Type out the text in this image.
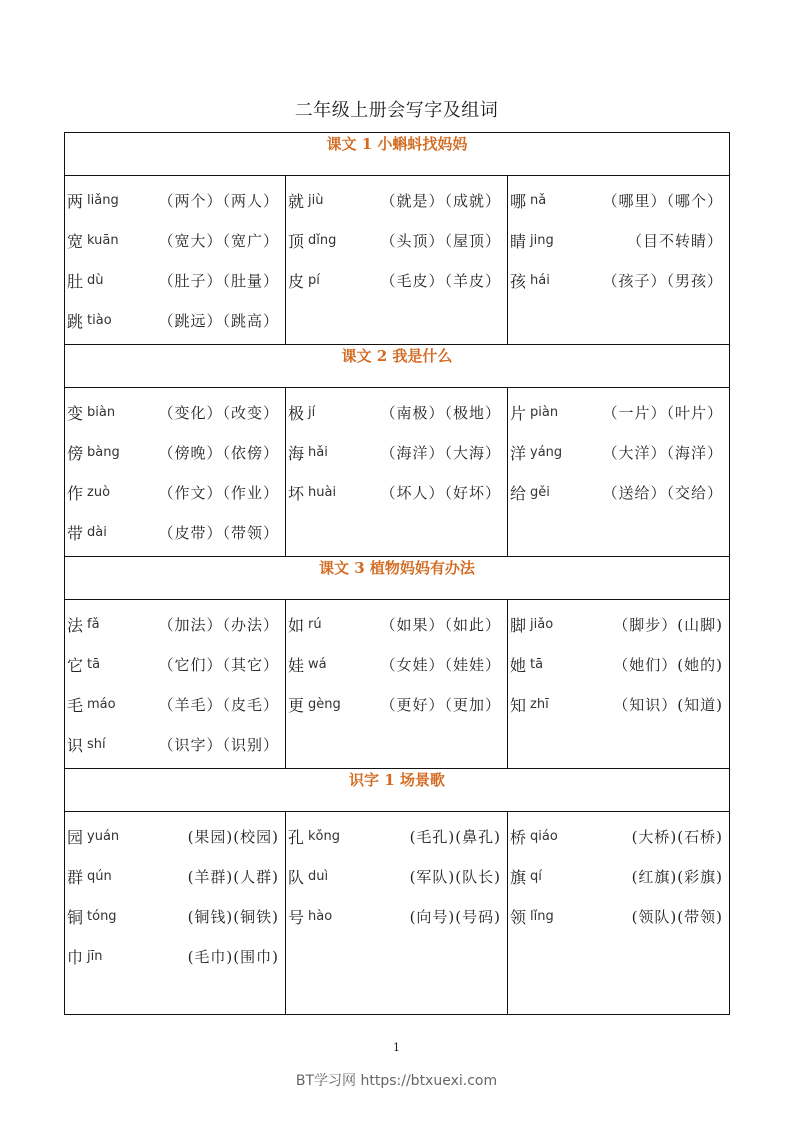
二年级上册会写字及组词
课文 1 小蝌蚪找妈妈		

两 liǎng	（两个）（两人）
宽 kuān	（宽大）（宽广）
肚 dù	（肚子）（肚量）
跳 tiào	（跳远）（跳高）

就 jiù	（就是）（成就）
顶 dǐng	（头顶）（屋顶）
皮 pí	（毛皮）（羊皮）

哪 nǎ	（哪里）（哪个）
睛 jing	（目不转睛）
孩 hái	（孩子）（男孩）

课文 2 我是什么		

变 biàn	（变化）（改变）
傍 bàng	（傍晚）（依傍）
作 zuò	（作文）（作业）
带 dài	（皮带）（带领）

极 jí	（南极）（极地）
海 hǎi	（海洋）（大海）
坏 huài	（坏人）（好坏）

片 piàn	（一片）（叶片）
洋 yáng	（大洋）（海洋）
给 gěi	（送给）（交给）

课文 3 植物妈妈有办法		

法 fǎ	（加法）（办法）
它 tā	（它们）（其它）
毛 máo	（羊毛）（皮毛）
识 shí	（识字）（识别）

如 rú	（如果）（如此）
娃 wá	（女娃）（娃娃）
更 gèng	（更好）（更加）

脚 jiǎo	（脚步）(山脚)
她 tā	（她们）(她的)
知 zhī	（知识）(知道)

识字 1 场景歌		

园 yuán	(果园)(校园)
群 qún	(羊群)(人群)
铜 tóng	(铜钱)(铜铁)
巾 jīn	(毛巾)(围巾)

孔 kǒng	(毛孔)(鼻孔)
队 duì	(军队)(队长)
号 hào	(向号)(号码)

桥 qiáo	(大桥)(石桥)
旗 qí	(红旗)(彩旗)
领 lǐng	(领队)(带领)
1
BT学习网 https://btxuexi.com
